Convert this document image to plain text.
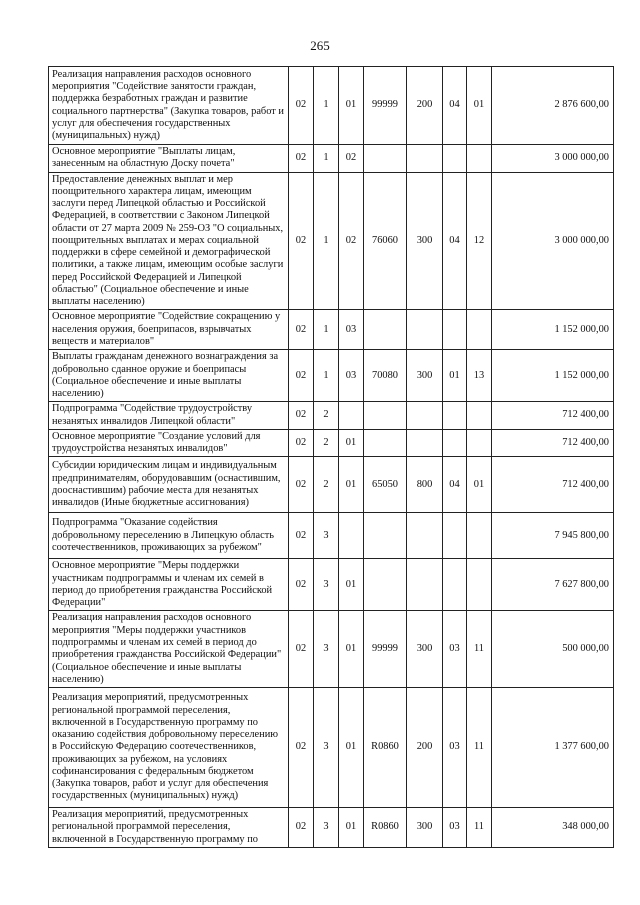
265
Реализация направления расходов основного мероприятия "Содействие занятости граждан, поддержка безработных граждан и развитие социального партнерства" (Закупка товаров, работ и услуг для обеспечения государственных (муниципальных) нужд)	02	1	01	99999	200	04	01	2 876 600,00
Основное мероприятие "Выплаты лицам, занесенным на областную Доску почета"	02	1	02					3 000 000,00
Предоставление денежных выплат и мер поощрительного характера лицам, имеющим заслуги перед Липецкой областью и Российской Федерацией, в соответствии с Законом Липецкой области от 27 марта 2009 № 259-ОЗ "О социальных, поощрительных выплатах и мерах социальной поддержки в сфере семейной и демографической политики, а также лицам, имеющим особые заслуги перед Российской Федерацией и Липецкой областью" (Социальное обеспечение и иные выплаты населению)	02	1	02	76060	300	04	12	3 000 000,00
Основное мероприятие "Содействие сокращению у населения оружия, боеприпасов, взрывчатых веществ и материалов"	02	1	03					1 152 000,00
Выплаты гражданам денежного вознаграждения за добровольно сданное оружие и боеприпасы (Социальное обеспечение и иные выплаты населению)	02	1	03	70080	300	01	13	1 152 000,00
Подпрограмма "Содействие трудоустройству незанятых инвалидов Липецкой области"	02	2						712 400,00
Основное мероприятие "Создание условий для трудоустройства незанятых инвалидов"	02	2	01					712 400,00
Субсидии юридическим лицам и индивидуальным предпринимателям, оборудовавшим (оснастившим, дооснастившим) рабочие места для незанятых инвалидов (Иные бюджетные ассигнования)	02	2	01	65050	800	04	01	712 400,00
Подпрограмма "Оказание содействия добровольному переселению в Липецкую область соотечественников, проживающих за рубежом"	02	3						7 945 800,00
Основное мероприятие "Меры поддержки участникам подпрограммы и членам их семей в период до приобретения гражданства Российской Федерации"	02	3	01					7 627 800,00
Реализация направления расходов основного мероприятия "Меры поддержки участников подпрограммы и членам их семей в период до приобретения гражданства Российской Федерации" (Социальное обеспечение и иные выплаты населению)	02	3	01	99999	300	03	11	500 000,00
Реализация мероприятий, предусмотренных региональной программой переселения, включенной в Государственную программу по оказанию содействия добровольному переселению в Российскую Федерацию соотечественников, проживающих за рубежом, на условиях софинансирования с федеральным бюджетом (Закупка товаров, работ и услуг для обеспечения государственных (муниципальных) нужд)	02	3	01	R0860	200	03	11	1 377 600,00
Реализация мероприятий, предусмотренных региональной программой переселения, включенной в Государственную программу по	02	3	01	R0860	300	03	11	348 000,00
